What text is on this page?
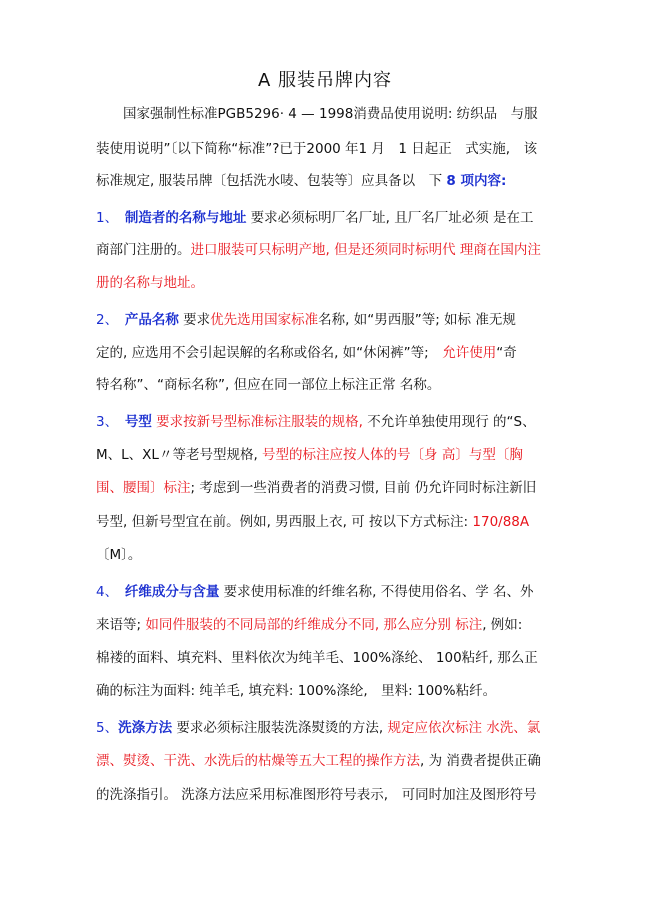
A 服装吊牌内容
　　国家强制性标准PGB5296· 4 — 1998消费品使用说明: 纺织品　与服
装使用说明”〔以下简称“标准”?已于2000 年1 月　1 日起正　式实施,　该
标准规定, 服装吊牌〔包括洗水唛、包装等〕应具备以　下 8 项内容:
1、　制造者的名称与地址 要求必须标明厂名厂址, 且厂名厂址必须 是在工
商部门注册的。进口服装可只标明产地, 但是还须同时标明代 理商在国内注
册的名称与地址。
2、　产品名称 要求优先选用国家标准名称, 如“男西服”等; 如标 准无规
定的, 应选用不会引起误解的名称或俗名, 如“休闲裤”等;　允许使用“奇
特名称”、“商标名称”, 但应在同一部位上标注正常 名称。
3、　号型 要求按新号型标准标注服装的规格, 不允许单独使用现行 的“S、
M、L、XL〃等老号型规格, 号型的标注应按人体的号〔身 高〕与型〔胸
围、腰围〕标注; 考虑到一些消费者的消费习惯, 目前 仍允许同时标注新旧
号型, 但新号型宜在前。例如, 男西服上衣, 可 按以下方式标注: 170/88A
〔M〕。
4、　纤维成分与含量 要求使用标准的纤维名称, 不得使用俗名、学 名、外
来语等; 如同件服装的不同局部的纤维成分不同, 那么应分别 标注, 例如:
棉褛的面料、填充料、里料依次为纯羊毛、100%涤纶、 100粘纤, 那么正
确的标注为面料: 纯羊毛, 填充料: 100%涤纶,　里料: 100%粘纤。
5、洗涤方法 要求必须标注服装洗涤熨烫的方法, 规定应依次标注 水洗、氯
漂、熨烫、干洗、水洗后的枯燥等五大工程的操作方法, 为 消费者提供正确
的洗涤指引。 洗涤方法应采用标准图形符号表示,　可同时加注及图形符号
